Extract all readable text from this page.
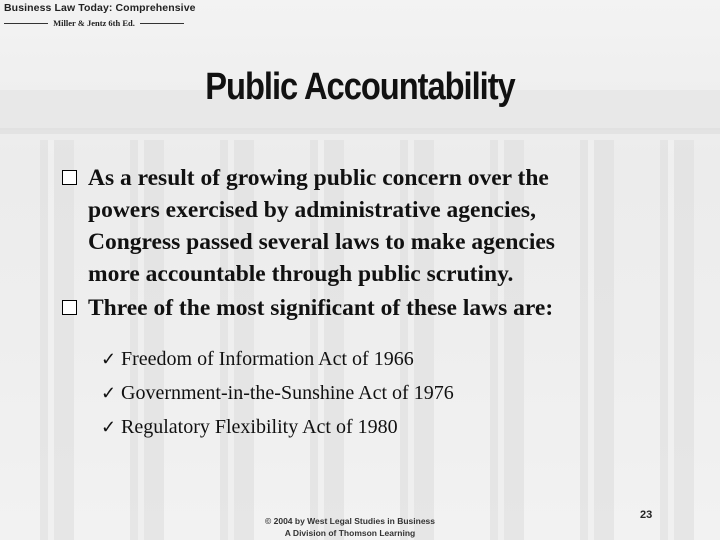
Business Law Today: Comprehensive
Miller & Jentz 6th Ed.
Public Accountability
As a result of growing public concern over the
powers exercised by administrative agencies,
Congress passed several laws to make agencies
more accountable through public scrutiny.
Three of the most significant of these laws are:
✓ Freedom of Information Act of 1966
✓ Government-in-the-Sunshine Act of 1976
✓ Regulatory Flexibility Act of 1980
© 2004 by West Legal Studies in Business
A Division of Thomson Learning
23
